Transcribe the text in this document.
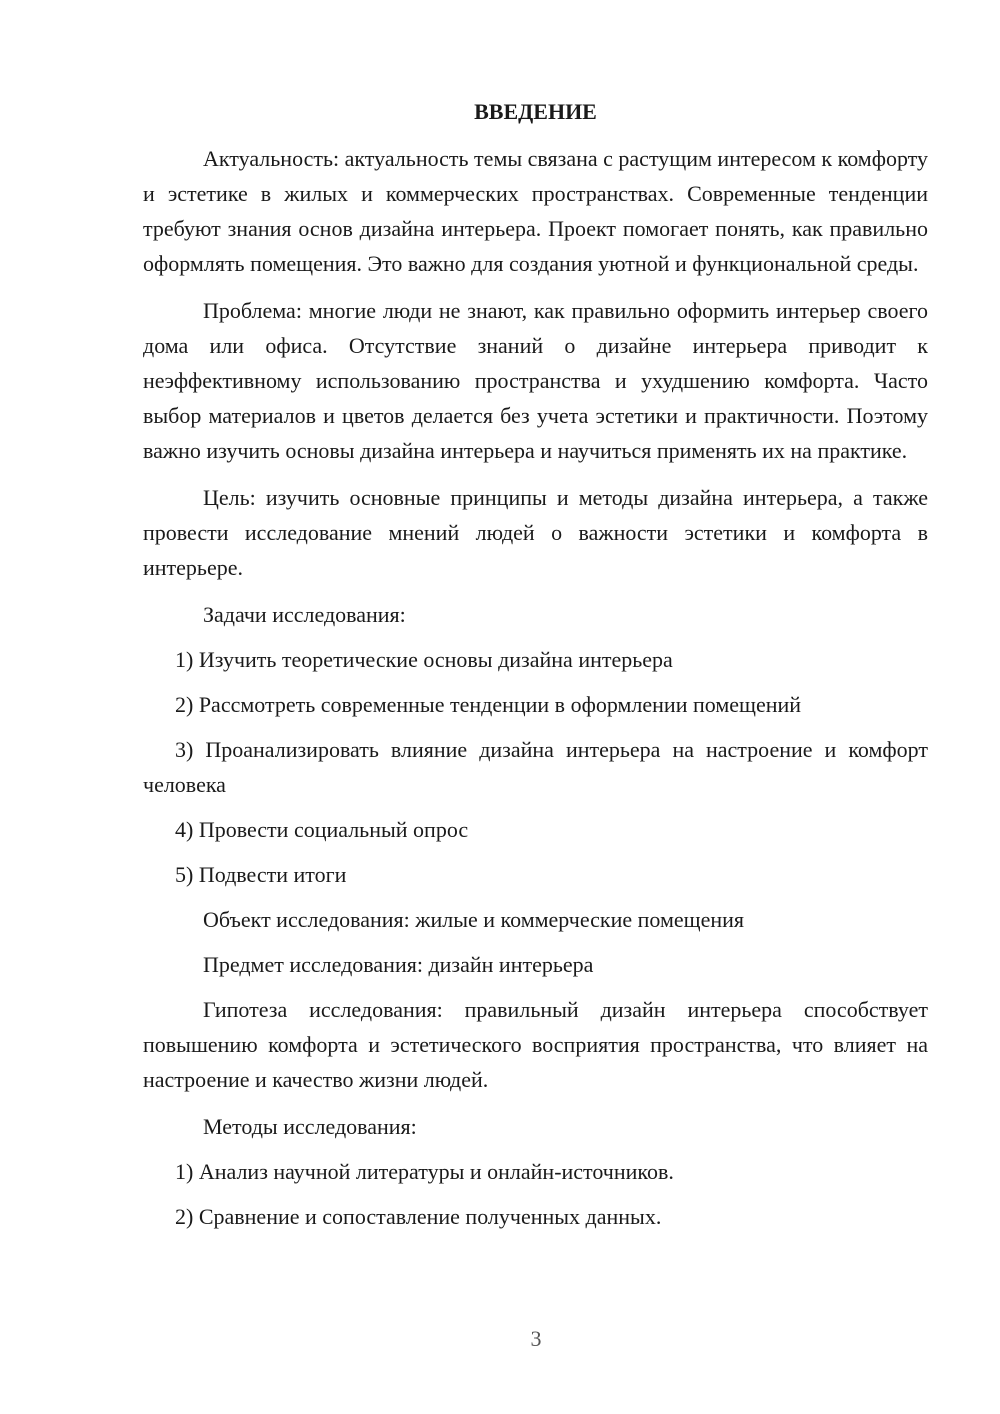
ВВЕДЕНИЕ

Актуальность: актуальность темы связана с растущим интересом к комфорту и эстетике в жилых и коммерческих пространствах. Современные тенденции требуют знания основ дизайна интерьера. Проект помогает понять, как правильно оформлять помещения. Это важно для создания уютной и функциональной среды.

Проблема: многие люди не знают, как правильно оформить интерьер своего дома или офиса. Отсутствие знаний о дизайне интерьера приводит к неэффективному использованию пространства и ухудшению комфорта. Часто выбор материалов и цветов делается без учета эстетики и практичности. Поэтому важно изучить основы дизайна интерьера и научиться применять их на практике.

Цель: изучить основные принципы и методы дизайна интерьера, а также провести исследование мнений людей о важности эстетики и комфорта в интерьере.

Задачи исследования:

1) Изучить теоретические основы дизайна интерьера

2) Рассмотреть современные тенденции в оформлении помещений

3) Проанализировать влияние дизайна интерьера на настроение и комфорт человека

4) Провести социальный опрос

5) Подвести итоги

Объект исследования: жилые и коммерческие помещения

Предмет исследования: дизайн интерьера

Гипотеза исследования: правильный дизайн интерьера способствует повышению комфорта и эстетического восприятия пространства, что влияет на настроение и качество жизни людей.

Методы исследования:

1) Анализ научной литературы и онлайн-источников.

2) Сравнение и сопоставление полученных данных.

3
